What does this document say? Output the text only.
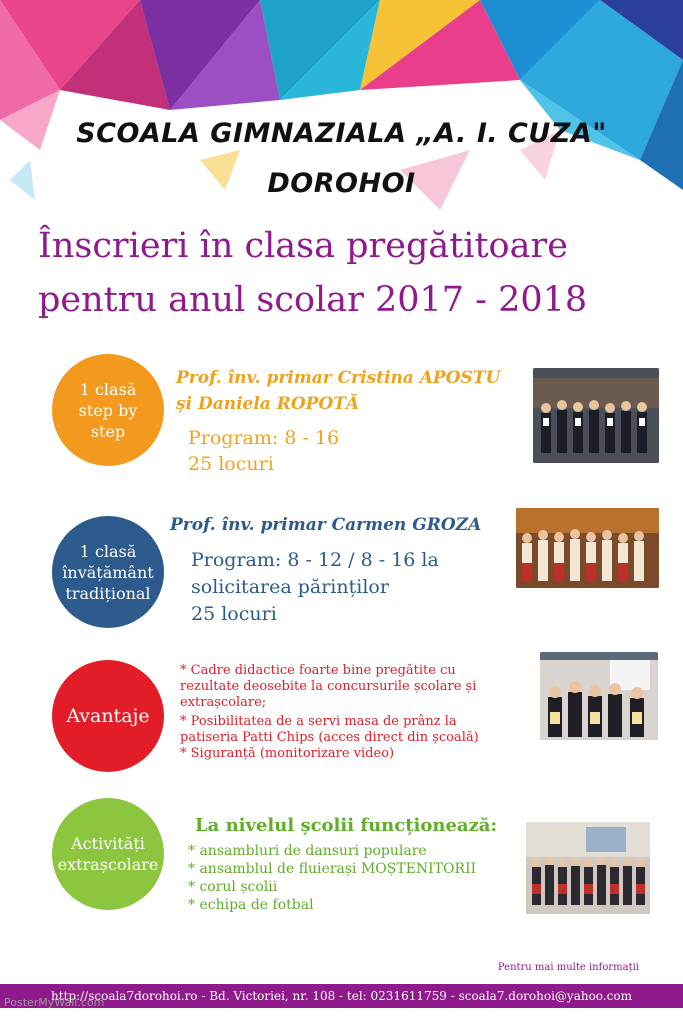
SCOALA GIMNAZIALA „A. I. CUZA"
DOROHOI
Înscrieri în clasa pregătitoare
pentru anul scolar 2017 - 2018
1 clasă
step by
step
Prof. înv. primar Cristina APOSTU
și Daniela ROPOTĂ
Program: 8 - 16
25 locuri
1 clasă
învățământ
tradițional
Prof. înv. primar Carmen GROZA
Program: 8 - 12 / 8 - 16 la
solicitarea părinților
25 locuri
Avantaje
* Cadre didactice foarte bine pregătite cu
rezultate deosebite la concursurile școlare și
extrașcolare;
* Posibilitatea de a servi masa de prânz la
patiseria Patti Chips (acces direct din școală)
* Siguranță (monitorizare video)
Activități
extrașcolare
La nivelul școlii funcționează:
* ansambluri de dansuri populare
* ansamblul de fluierași MOȘTENITORII
* corul școlii
* echipa de fotbal
Pentru mai multe informații
http://scoala7dorohoi.ro - Bd. Victoriei, nr. 108 - tel: 0231611759 - scoala7.dorohoi@yahoo.com
PosterMyWall.com
